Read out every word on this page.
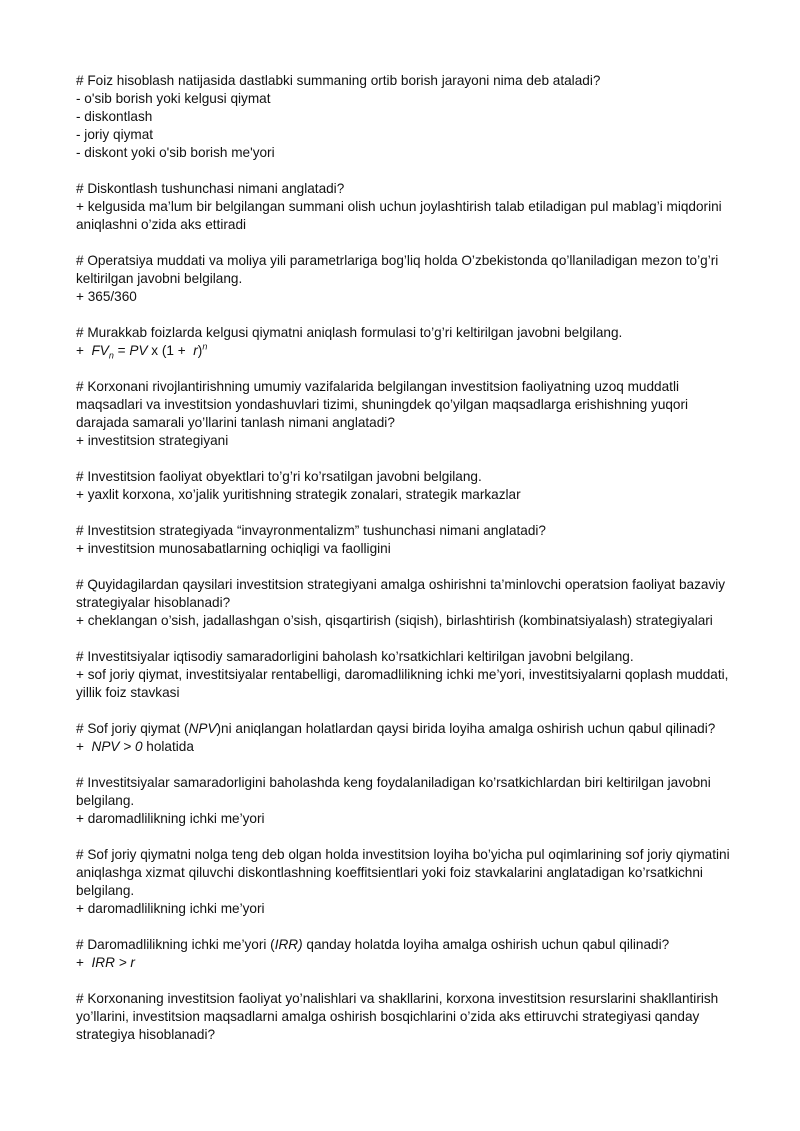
# Foiz hisoblash natijasida dastlabki summaning ortib borish jarayoni nima deb ataladi?

- o'sib borish yoki kelgusi qiymat

- diskontlash

- joriy qiymat

- diskont yoki o'sib borish me'yori

# Diskontlash tushunchasi nimani anglatadi?

+ kelgusida ma’lum bir belgilangan summani olish uchun joylashtirish talab etiladigan pul mablag’i miqdorini aniqlashni o’zida aks ettiradi

# Operatsiya muddati va moliya yili parametrlariga bog’liq holda O’zbekistonda qo’llaniladigan mezon to’g’ri keltirilgan javobni belgilang.

+ 365/360

# Murakkab foizlarda kelgusi qiymatni aniqlash formulasi to’g’ri keltirilgan javobni belgilang.

+  $FV_n$ = PV x $(1 + r)^n$

# Korxonani rivojlantirishning umumiy vazifalarida belgilangan investitsion faoliyatning uzoq muddatli maqsadlari va investitsion yondashuvlari tizimi, shuningdek qo’yilgan maqsadlarga erishishning yuqori darajada samarali yo’llarini tanlash nimani anglatadi?

+ investitsion strategiyani

# Investitsion faoliyat obyektlari to’g’ri ko’rsatilgan javobni belgilang.

+ yaxlit korxona, xo’jalik yuritishning strategik zonalari, strategik markazlar

# Investitsion strategiyada “invayronmentalizm” tushunchasi nimani anglatadi?

+ investitsion munosabatlarning ochiqligi va faolligini

# Quyidagilardan qaysilari investitsion strategiyani amalga oshirishni ta’minlovchi operatsion faoliyat bazaviy strategiyalar hisoblanadi?

+ cheklangan o’sish, jadallashgan o’sish, qisqartirish (siqish), birlashtirish (kombinatsiyalash) strategiyalari

# Investitsiyalar iqtisodiy samaradorligini baholash ko’rsatkichlari keltirilgan javobni belgilang.

+ sof joriy qiymat, investitsiyalar rentabelligi, daromadlilikning ichki me’yori, investitsiyalarni qoplash muddati, yillik foiz stavkasi

# Sof joriy qiymat (NPV)ni aniqlangan holatlardan qaysi birida loyiha amalga oshirish uchun qabul qilinadi?

+  NPV > 0 holatida

# Investitsiyalar samaradorligini baholashda keng foydalaniladigan ko’rsatkichlardan biri keltirilgan javobni belgilang.

+ daromadlilikning ichki me’yori

# Sof joriy qiymatni nolga teng deb olgan holda investitsion loyiha bo’yicha pul oqimlarining sof joriy qiymatini aniqlashga xizmat qiluvchi diskontlashning koeffitsientlari yoki foiz stavkalarini anglatadigan ko’rsatkichni belgilang.

+ daromadlilikning ichki me’yori

# Daromadlilikning ichki me’yori (IRR) qanday holatda loyiha amalga oshirish uchun qabul qilinadi?

+  IRR > r

# Korxonaning investitsion faoliyat yo’nalishlari va shakllarini, korxona investitsion resurslarini shakllantirish yo’llarini, investitsion maqsadlarni amalga oshirish bosqichlarini o’zida aks ettiruvchi strategiyasi qanday strategiya hisoblanadi?
